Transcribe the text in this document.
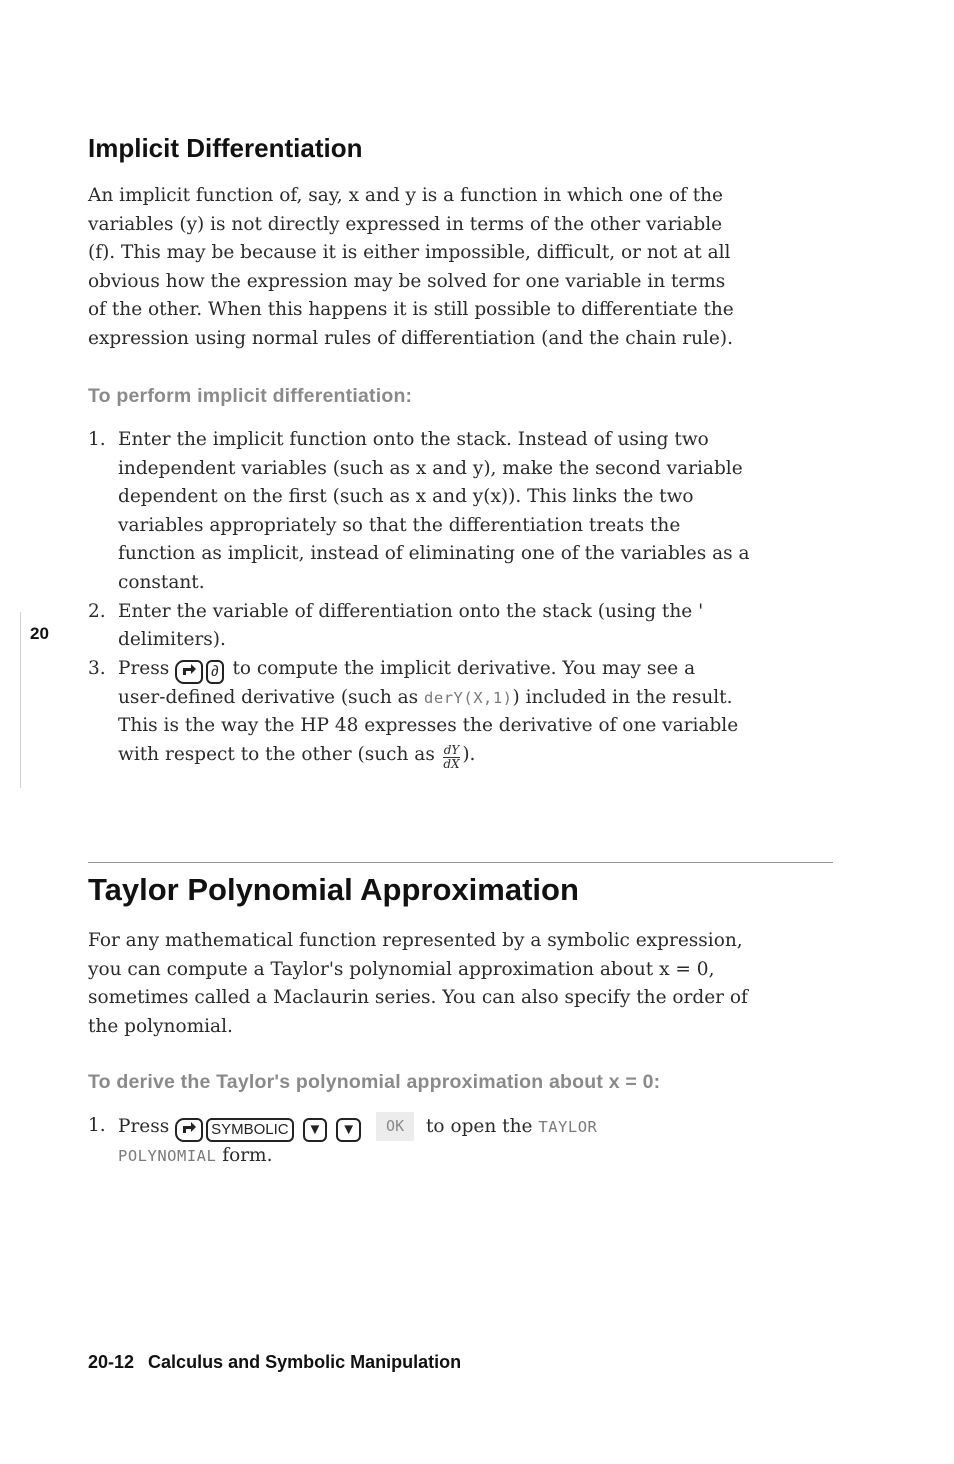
Implicit Differentiation
An implicit function of, say, x and y is a function in which one of the
variables (y) is not directly expressed in terms of the other variable
(f). This may be because it is either impossible, difficult, or not at all
obvious how the expression may be solved for one variable in terms
of the other. When this happens it is still possible to differentiate the
expression using normal rules of differentiation (and the chain rule).
To perform implicit differentiation:
1. Enter the implicit function onto the stack. Instead of using two
independent variables (such as x and y), make the second variable
dependent on the first (such as x and y(x)). This links the two
variables appropriately so that the differentiation treats the
function as implicit, instead of eliminating one of the variables as a
constant.
2. Enter the variable of differentiation onto the stack (using the '
delimiters).
3. Press	∂ to compute the implicit derivative. You may see a
user-defined derivative (such as derY(X,1)) included in the result.
This is the way the HP 48 expresses the derivative of one variable
with respect to the other (such as $\frac{dY}{dX}$ ).
20
Taylor Polynomial Approximation
For any mathematical function represented by a symbolic expression,
you can compute a Taylor's polynomial approximation about x = 0,
sometimes called a Maclaurin series. You can also specify the order of
the polynomial.
To derive the Taylor's polynomial approximation about x = 0:
1. Press	SYMBOLIC ▼ ▼ OK to open the TAYLOR
POLYNOMIAL form.
20-12 Calculus and Symbolic Manipulation
